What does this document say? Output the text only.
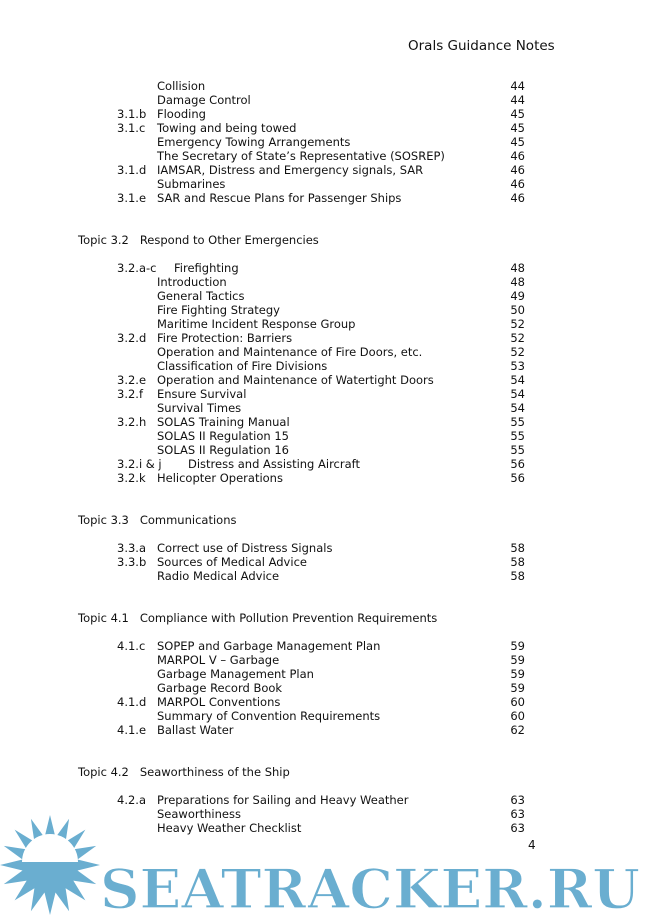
Orals Guidance Notes
Collision	44
Damage Control	44
3.1.b Flooding	45
3.1.c Towing and being towed	45
Emergency Towing Arrangements	45
The Secretary of State’s Representative (SOSREP)	46
3.1.d IAMSAR, Distress and Emergency signals, SAR	46
Submarines	46
3.1.e SAR and Rescue Plans for Passenger Ships	46
Topic 3.2   Respond to Other Emergencies
3.2.a-c Firefighting	48
Introduction	48
General Tactics	49
Fire Fighting Strategy	50
Maritime Incident Response Group	52
3.2.d Fire Protection: Barriers	52
Operation and Maintenance of Fire Doors, etc.	52
Classification of Fire Divisions	53
3.2.e Operation and Maintenance of Watertight Doors	54
3.2.f Ensure Survival	54
Survival Times	54
3.2.h SOLAS Training Manual	55
SOLAS II Regulation 15	55
SOLAS II Regulation 16	55
3.2.i & j Distress and Assisting Aircraft	56
3.2.k Helicopter Operations	56
Topic 3.3   Communications
3.3.a Correct use of Distress Signals	58
3.3.b Sources of Medical Advice	58
Radio Medical Advice	58
Topic 4.1   Compliance with Pollution Prevention Requirements
4.1.c SOPEP and Garbage Management Plan	59
MARPOL V – Garbage	59
Garbage Management Plan	59
Garbage Record Book	59
4.1.d MARPOL Conventions	60
Summary of Convention Requirements	60
4.1.e Ballast Water	62
Topic 4.2   Seaworthiness of the Ship
4.2.a Preparations for Sailing and Heavy Weather	63
Seaworthiness	63
Heavy Weather Checklist	63
SEATRACKER.RU
4
